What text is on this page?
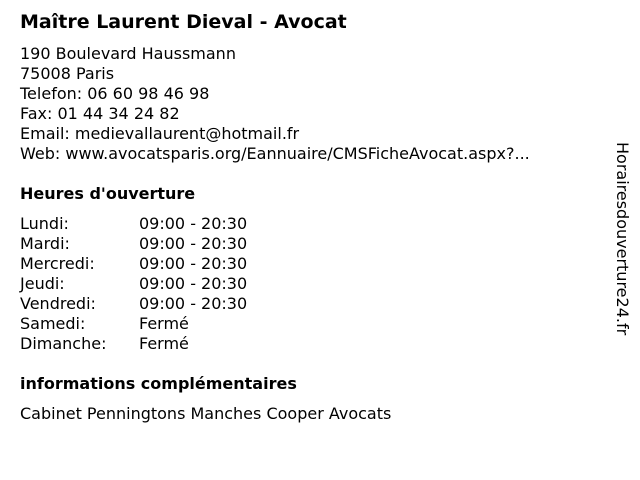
Maître Laurent Dieval - Avocat
190 Boulevard Haussmann
75008 Paris
Telefon: 06 60 98 46 98
Fax: 01 44 34 24 82
Email: medievallaurent@hotmail.fr
Web: www.avocatsparis.org/Eannuaire/CMSFicheAvocat.aspx?...
Heures d'ouverture
Lundi:	09:00 - 20:30
Mardi:	09:00 - 20:30
Mercredi:	09:00 - 20:30
Jeudi:	09:00 - 20:30
Vendredi:	09:00 - 20:30
Samedi:	Fermé
Dimanche: Fermé
informations complémentaires
Cabinet Penningtons Manches Cooper Avocats
Horairesdouverture24.fr
